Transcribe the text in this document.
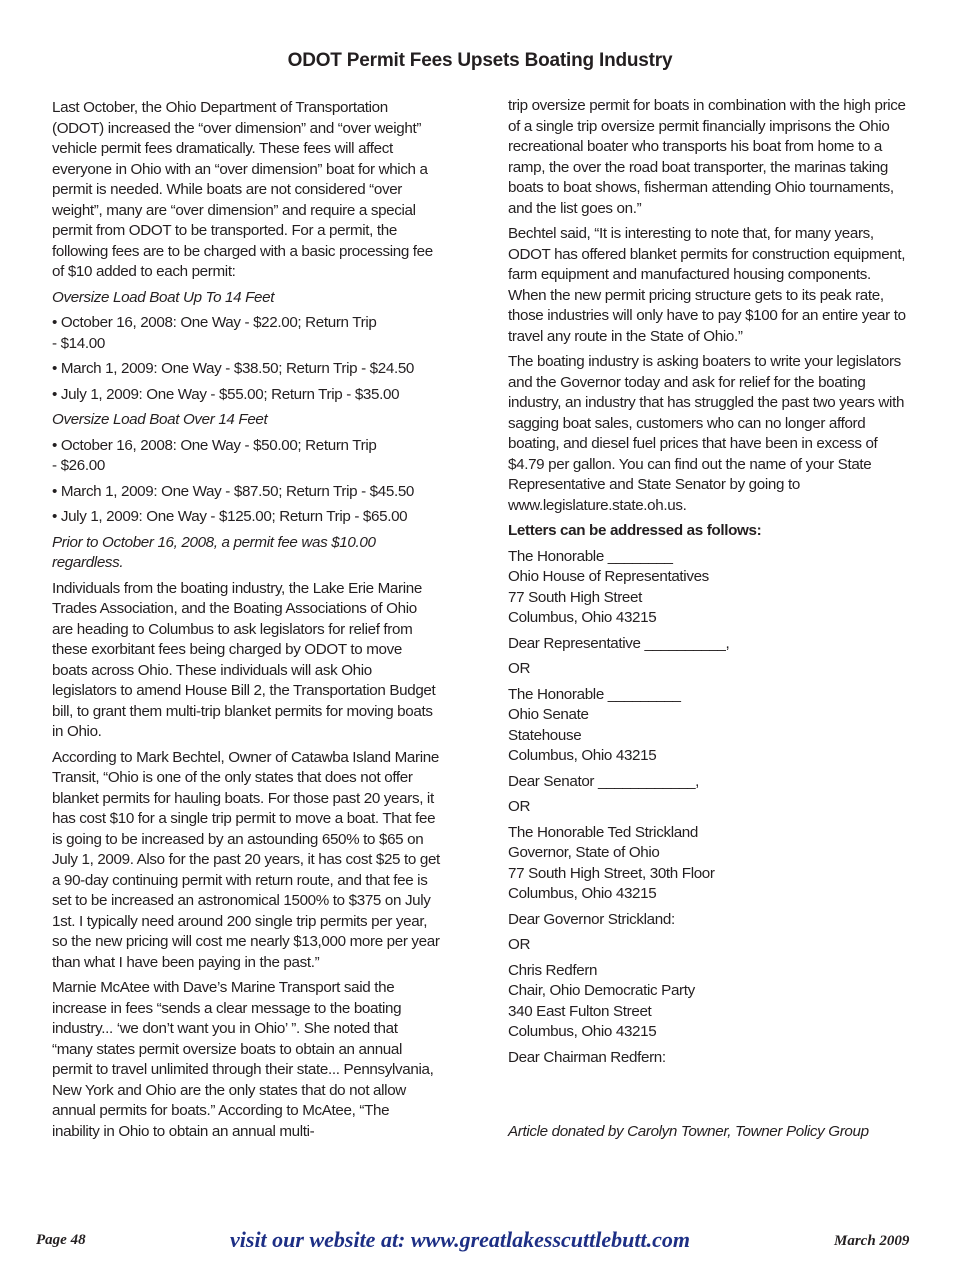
ODOT Permit Fees Upsets Boating Industry

Last October, the Ohio Department of Transportation (ODOT) increased the “over dimension” and “over weight” vehicle permit fees dramatically. These fees will affect everyone in Ohio with an “over dimension” boat for which a permit is needed. While boats are not considered “over weight”, many are “over dimension” and require a special permit from ODOT to be transported. For a permit, the following fees are to be charged with a basic processing fee of $10 added to each permit:

Oversize Load Boat Up To 14 Feet

• October 16, 2008: One Way - $22.00; Return Trip
- $14.00

• March 1, 2009: One Way - $38.50; Return Trip - $24.50

• July 1, 2009: One Way - $55.00; Return Trip - $35.00

Oversize Load Boat Over 14 Feet

• October 16, 2008: One Way - $50.00; Return Trip
- $26.00

• March 1, 2009: One Way - $87.50; Return Trip - $45.50

• July 1, 2009: One Way - $125.00; Return Trip - $65.00

Prior to October 16, 2008, a permit fee was $10.00 regardless.

Individuals from the boating industry, the Lake Erie Marine Trades Association, and the Boating Associations of Ohio are heading to Columbus to ask legislators for relief from these exorbitant fees being charged by ODOT to move boats across Ohio. These individuals will ask Ohio legislators to amend House Bill 2, the Transportation Budget bill, to grant them multi-trip blanket permits for moving boats in Ohio.

According to Mark Bechtel, Owner of Catawba Island Marine Transit, “Ohio is one of the only states that does not offer blanket permits for hauling boats. For those past 20 years, it has cost $10 for a single trip permit to move a boat. That fee is going to be increased by an astounding 650% to $65 on July 1, 2009. Also for the past 20 years, it has cost $25 to get a 90-day continuing permit with return route, and that fee is set to be increased an astronomical 1500% to $375 on July 1st. I typically need around 200 single trip permits per year, so the new pricing will cost me nearly $13,000 more per year than what I have been paying in the past.”

Marnie McAtee with Dave’s Marine Transport said the increase in fees “sends a clear message to the boating industry... ‘we don’t want you in Ohio’ ”. She noted that “many states permit oversize boats to obtain an annual permit to travel unlimited through their state... Pennsylvania, New York and Ohio are the only states that do not allow annual permits for boats.” According to McAtee, “The inability in Ohio to obtain an annual multi-

trip oversize permit for boats in combination with the high price of a single trip oversize permit financially imprisons the Ohio recreational boater who transports his boat from home to a ramp, the over the road boat transporter, the marinas taking boats to boat shows, fisherman attending Ohio tournaments, and the list goes on.”

Bechtel said, “It is interesting to note that, for many years, ODOT has offered blanket permits for construction equipment, farm equipment and manufactured housing components. When the new permit pricing structure gets to its peak rate, those industries will only have to pay $100 for an entire year to travel any route in the State of Ohio.”

The boating industry is asking boaters to write your legislators and the Governor today and ask for relief for the boating industry, an industry that has struggled the past two years with sagging boat sales, customers who can no longer afford boating, and diesel fuel prices that have been in excess of $4.79 per gallon. You can find out the name of your State Representative and State Senator by going to www.legislature.state.oh.us.

Letters can be addressed as follows:

The Honorable ________
Ohio House of Representatives
77 South High Street
Columbus, Ohio 43215

Dear Representative __________,

OR

The Honorable _________
Ohio Senate
Statehouse
Columbus, Ohio 43215

Dear Senator ____________,

OR

The Honorable Ted Strickland
Governor, State of Ohio
77 South High Street, 30th Floor
Columbus, Ohio 43215

Dear Governor Strickland:

OR

Chris Redfern
Chair, Ohio Democratic Party
340 East Fulton Street
Columbus, Ohio 43215

Dear Chairman Redfern:

Article donated by Carolyn Towner, Towner Policy Group
Page 48	visit our website at: www.greatlakesscuttlebutt.com	March 2009
